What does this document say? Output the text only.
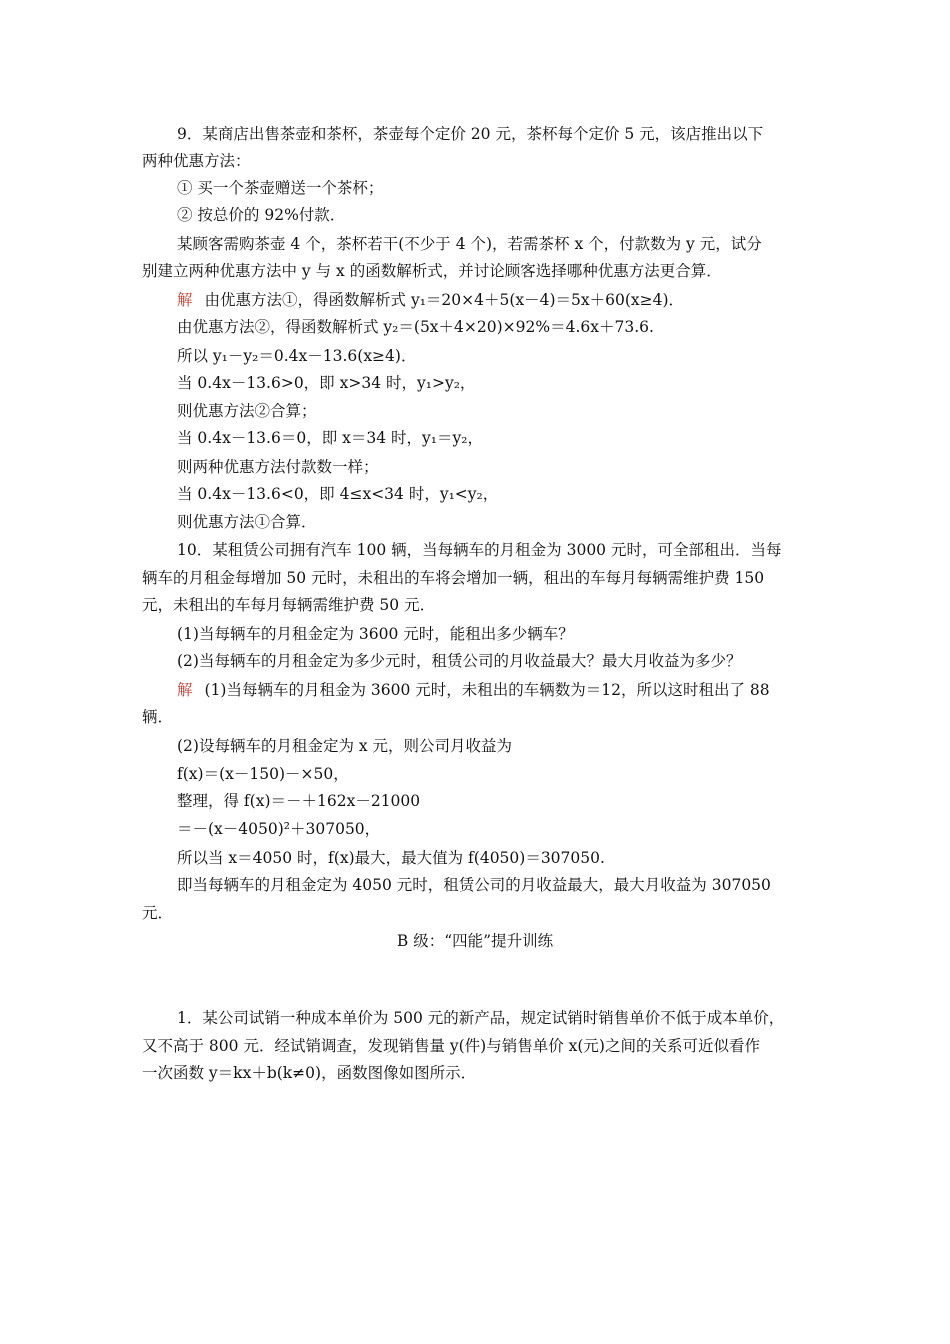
9．某商店出售茶壶和茶杯，茶壶每个定价 20 元，茶杯每个定价 5 元，该店推出以下
两种优惠方法：
① 买一个茶壶赠送一个茶杯；
② 按总价的 92%付款．
某顾客需购茶壶 4 个，茶杯若干(不少于 4 个)，若需茶杯 x 个，付款数为 y 元，试分
别建立两种优惠方法中 y 与 x 的函数解析式，并讨论顾客选择哪种优惠方法更合算．
解 由优惠方法①，得函数解析式 y₁＝20×4＋5(x－4)＝5x＋60(x≥4)．
由优惠方法②，得函数解析式 y₂＝(5x＋4×20)×92%＝4.6x＋73.6.
所以 y₁－y₂＝0.4x－13.6(x≥4)．
当 0.4x－13.6>0，即 x>34 时，y₁>y₂，
则优惠方法②合算；
当 0.4x－13.6＝0，即 x＝34 时，y₁＝y₂，
则两种优惠方法付款数一样；
当 0.4x－13.6<0，即 4≤x<34 时，y₁<y₂，
则优惠方法①合算．
10．某租赁公司拥有汽车 100 辆，当每辆车的月租金为 3000 元时，可全部租出．当每
辆车的月租金每增加 50 元时，未租出的车将会增加一辆，租出的车每月每辆需维护费 150
元，未租出的车每月每辆需维护费 50 元．
(1)当每辆车的月租金定为 3600 元时，能租出多少辆车？
(2)当每辆车的月租金定为多少元时，租赁公司的月收益最大？最大月收益为多少？
解 (1)当每辆车的月租金为 3600 元时，未租出的车辆数为＝12，所以这时租出了 88
辆．
(2)设每辆车的月租金定为 x 元，则公司月收益为
f(x)＝(x－150)－×50，
整理，得 f(x)＝－＋162x－21000
＝－(x－4050)²＋307050，
所以当 x＝4050 时，f(x)最大，最大值为 f(4050)＝307050.
即当每辆车的月租金定为 4050 元时，租赁公司的月收益最大，最大月收益为 307050
元．
B 级：“四能”提升训练
1．某公司试销一种成本单价为 500 元的新产品，规定试销时销售单价不低于成本单价，
又不高于 800 元．经试销调查，发现销售量 y(件)与销售单价 x(元)之间的关系可近似看作
一次函数 y＝kx＋b(k≠0)，函数图像如图所示．
